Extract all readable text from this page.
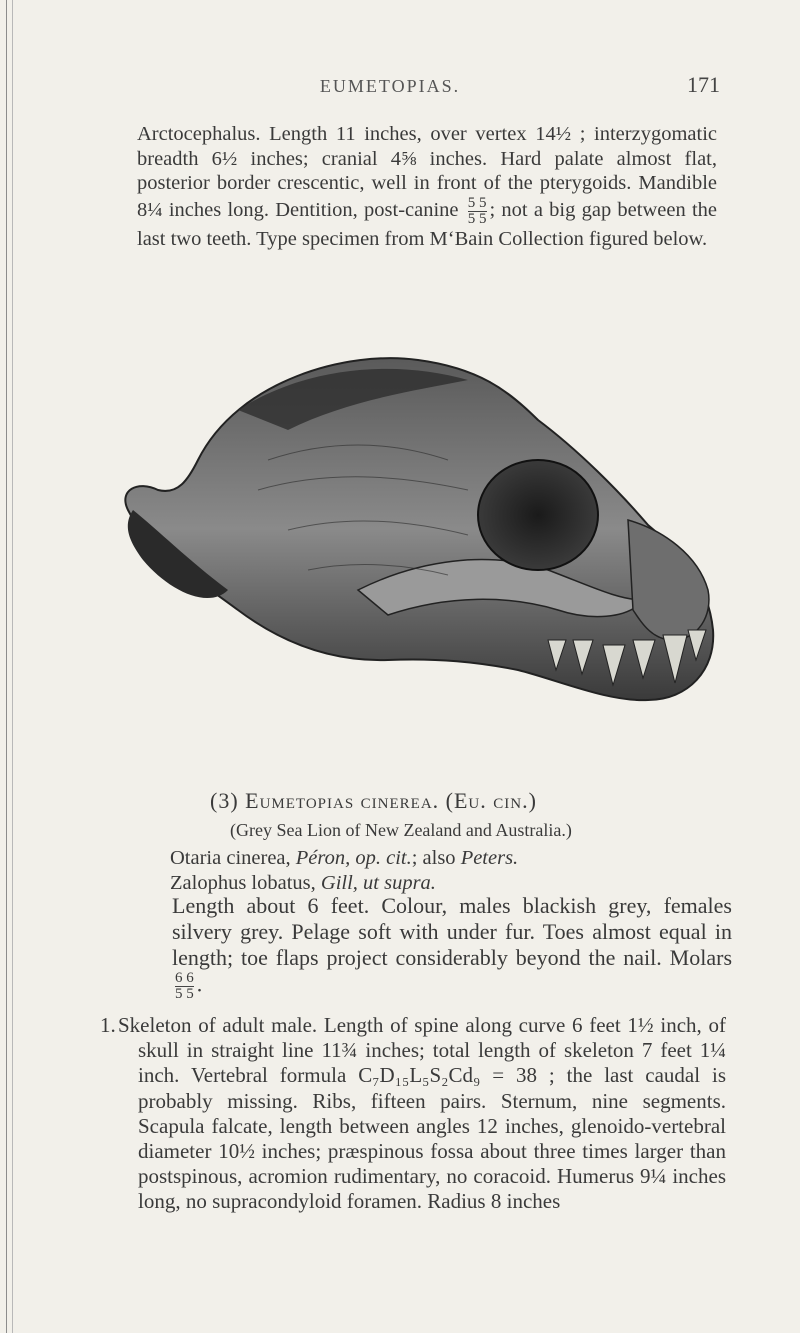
EUMETOPIAS.	171
Arctocephalus. Length 11 inches, over vertex 14½ ; interzygomatic breadth 6½ inches; cranial 4⅝ inches. Hard palate almost flat, posterior border crescentic, well in front of the pterygoids. Mandible 8¼ inches long. Dentition, post-canine $\frac{5 5}{5 5}$ ; not a big gap between the last two teeth. Type specimen from M‘Bain Collection figured below.
(3) Eumetopias cinerea. (Eu. cin.)
(Grey Sea Lion of New Zealand and Australia.)
Otaria cinerea, Péron, op. cit.; also Peters.
Zalophus lobatus, Gill, ut supra.
Length about 6 feet. Colour, males blackish grey, females silvery grey. Pelage soft with under fur. Toes almost equal in length; toe flaps project considerably beyond the nail. Molars
$\frac{6 6}{5 5}$ .
1. Skeleton of adult male. Length of spine along curve 6 feet 1½ inch, of skull in straight line 11¾ inches; total length of skeleton 7 feet 1¼ inch. Vertebral formula C₇D₁₅L₅S₂Cd₉ = 38 ; the last caudal is probably missing. Ribs, fifteen pairs. Sternum, nine segments. Scapula falcate, length between angles 12 inches, glenoido-vertebral diameter 10½ inches; præspinous fossa about three times larger than postspinous, acromion rudimentary, no coracoid. Humerus 9¼ inches long, no supracondyloid foramen. Radius 8 inches
